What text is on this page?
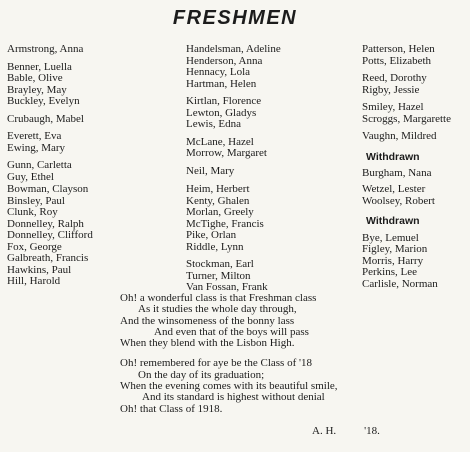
FRESHMEN
Armstrong, Anna
Benner, Luella
Bable, Olive
Brayley, May
Buckley, Evelyn
Crubaugh, Mabel
Everett, Eva
Ewing, Mary
Gunn, Carletta
Guy, Ethel
Handelsman, Adeline
Henderson, Anna
Hennacy, Lola
Hartman, Helen
Kirtlan, Florence
Lewton, Gladys
Lewis, Edna
McLane, Hazel
Morrow, Margaret
Neil, Mary
Patterson, Helen
Potts, Elizabeth
Reed, Dorothy
Rigby, Jessie
Smiley, Hazel
Scroggs, Margarette
Vaughn, Mildred
Withdrawn
Burgham, Nana
Bowman, Clayson
Binsley, Paul
Clunk, Roy
Donnelley, Ralph
Donnelley, Clifford
Fox, George
Galbreath, Francis
Hawkins, Paul
Hill, Harold
Heim, Herbert
Kenty, Ghalen
Morlan, Greely
McTighe, Francis
Pike, Orlan
Riddle, Lynn
Stockman, Earl
Turner, Milton
Van Fossan, Frank
Wetzel, Lester
Woolsey, Robert
Withdrawn
Bye, Lemuel
Figley, Marion
Morris, Harry
Perkins, Lee
Carlisle, Norman
Oh! a wonderful class is that Freshman class
As it studies the whole day through,
And the winsomeness of the bonny lass
And even that of the boys will pass
When they blend with the Lisbon High.
Oh! remembered for aye be the Class of '18
On the day of its graduation;
When the evening comes with its beautiful smile,
And its standard is highest without denial
Oh! that Class of 1918.
A. H.	'18.
